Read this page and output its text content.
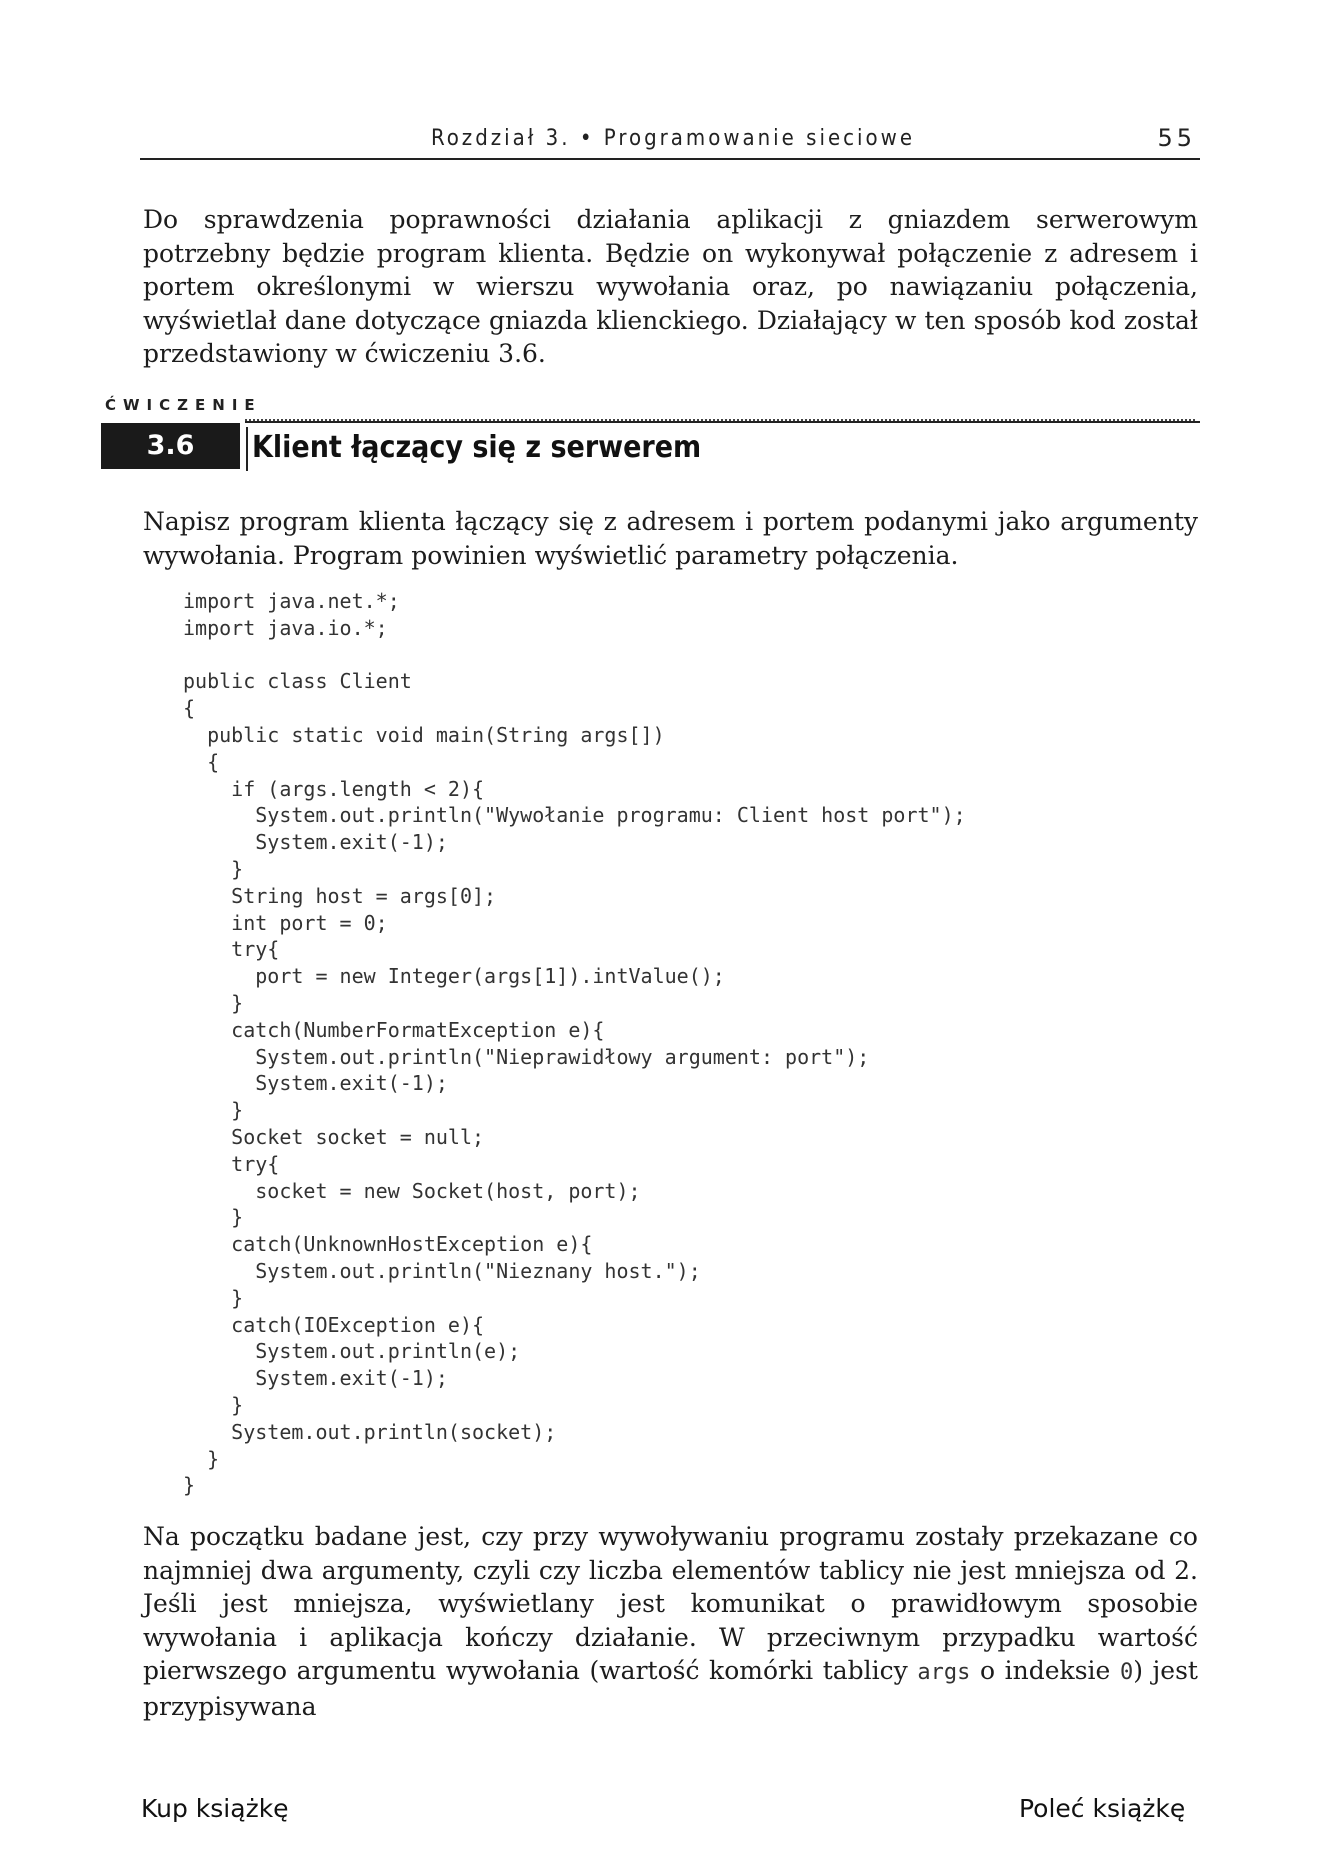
Rozdział 3. • Programowanie sieciowe	55

Do sprawdzenia poprawności działania aplikacji z gniazdem serwerowym potrzebny będzie program klienta. Będzie on wykonywał połączenie z adresem i portem określonymi w wierszu wywołania oraz, po nawiązaniu połączenia, wyświetlał dane dotyczące gniazda klienckiego. Działający w ten sposób kod został przedstawiony w ćwiczeniu 3.6.

ĆWICZENIE
3.6	Klient łączący się z serwerem

Napisz program klienta łączący się z adresem i portem podanymi jako argumenty wywołania. Program powinien wyświetlić parametry połączenia.

import java.net.*;
import java.io.*;

public class Client
{
public static void main(String args[])
{
if (args.length < 2){
System.out.println("Wywołanie programu: Client host port");
System.exit(-1);
}
String host = args[0];
int port = 0;
try{
port = new Integer(args[1]).intValue();
}
catch(NumberFormatException e){
System.out.println("Nieprawidłowy argument: port");
System.exit(-1);
}
Socket socket = null;
try{
socket = new Socket(host, port);
}
catch(UnknownHostException e){
System.out.println("Nieznany host.");
}
catch(IOException e){
System.out.println(e);
System.exit(-1);
}
System.out.println(socket);
}
}

Na początku badane jest, czy przy wywoływaniu programu zostały przekazane co najmniej dwa argumenty, czyli czy liczba elementów tablicy nie jest mniejsza od 2. Jeśli jest mniejsza, wyświetlany jest komunikat o prawidłowym sposobie wywołania i aplikacja kończy działanie. W przeciwnym przypadku wartość pierwszego argumentu wywołania (wartość komórki tablicy args o indeksie 0) jest przypisywana

Kup książkę	Poleć książkę
